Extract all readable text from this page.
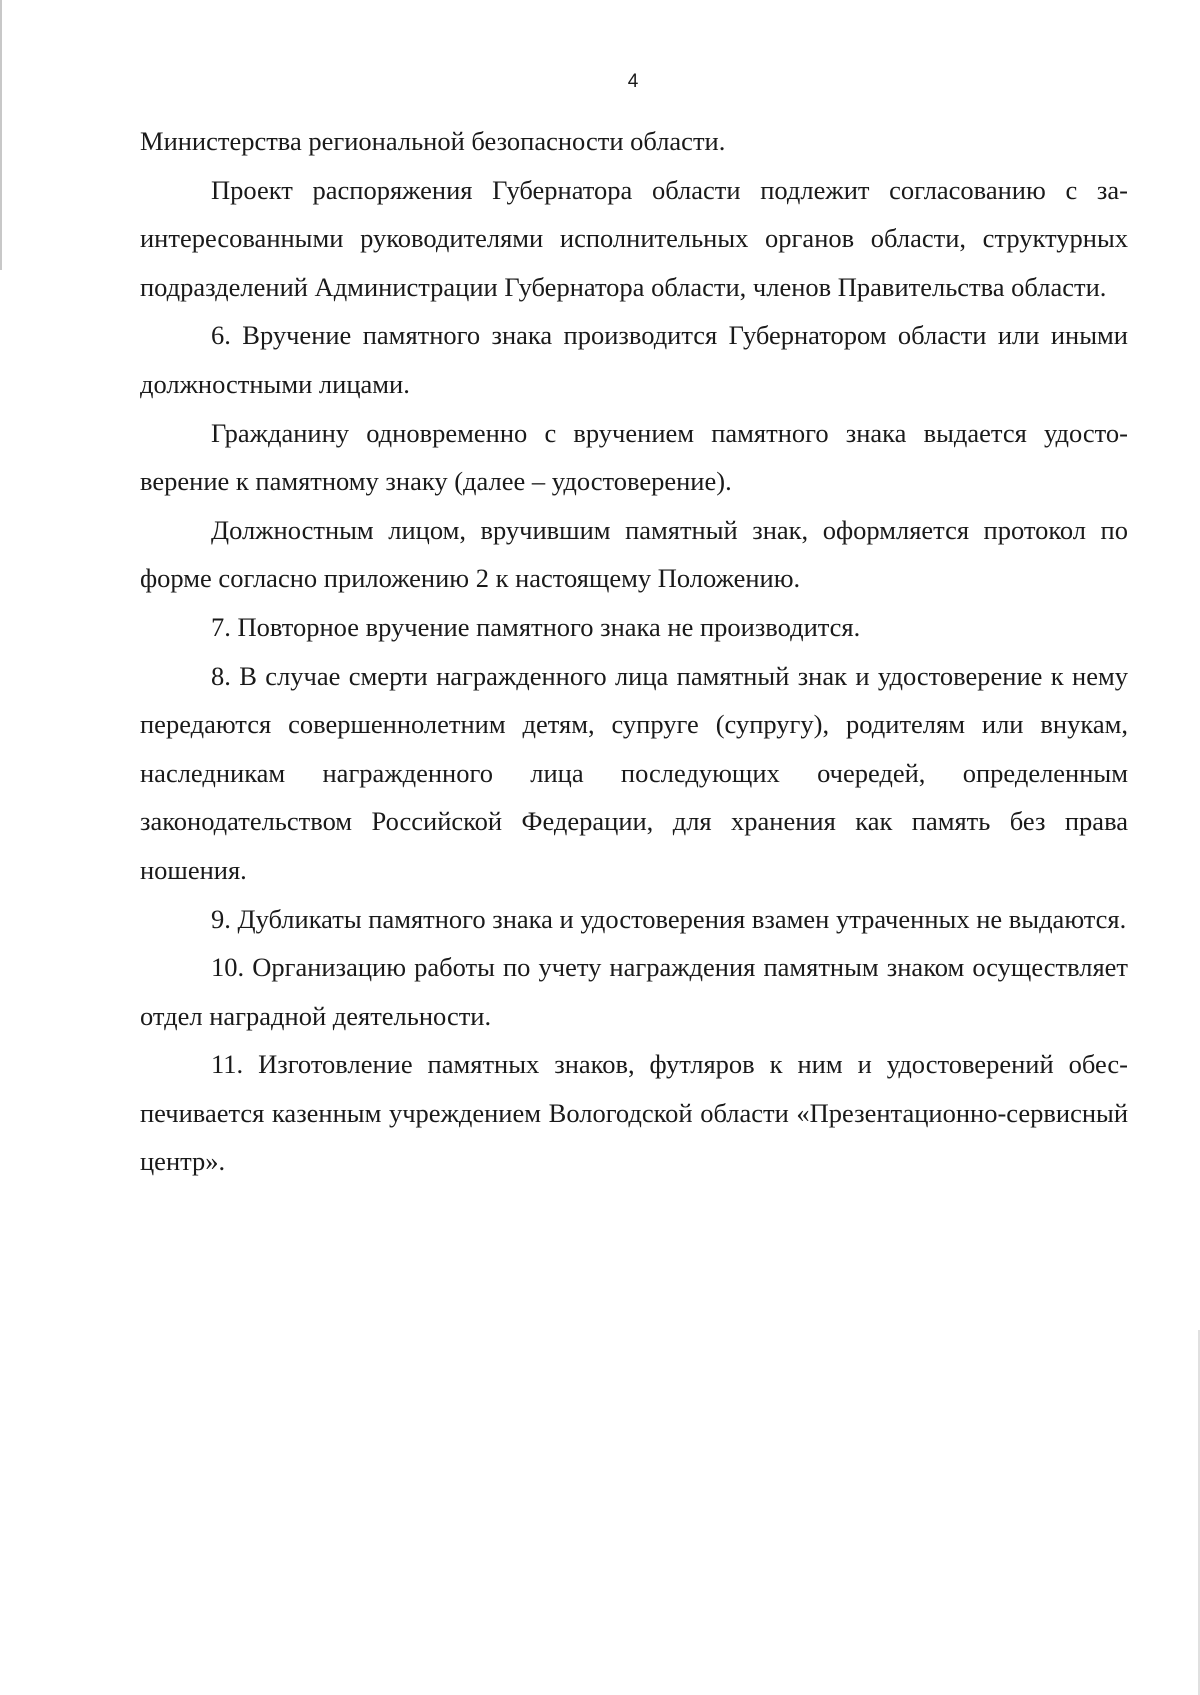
4

Министерства региональной безопасности области.

Проект распоряжения Губернатора области подлежит согласованию с заинтересованными руководителями исполнительных органов области, структурных подразделений Администрации Губернатора области, членов Правительства области.

6. Вручение памятного знака производится Губернатором области или иными должностными лицами.

Гражданину одновременно с вручением памятного знака выдается удостоверение к памятному знаку (далее – удостоверение).

Должностным лицом, вручившим памятный знак, оформляется протокол по форме согласно приложению 2 к настоящему Положению.

7. Повторное вручение памятного знака не производится.

8. В случае смерти награжденного лица памятный знак и удостоверение к нему передаются совершеннолетним детям, супруге (супругу), родителям или внукам, наследникам награжденного лица последующих очередей, определенным законодательством Российской Федерации, для хранения как память без права ношения.

9. Дубликаты памятного знака и удостоверения взамен утраченных не выдаются.

10. Организацию работы по учету награждения памятным знаком осуществляет отдел наградной деятельности.

11. Изготовление памятных знаков, футляров к ним и удостоверений обеспечивается казенным учреждением Вологодской области «Презентационно-сервисный центр».
